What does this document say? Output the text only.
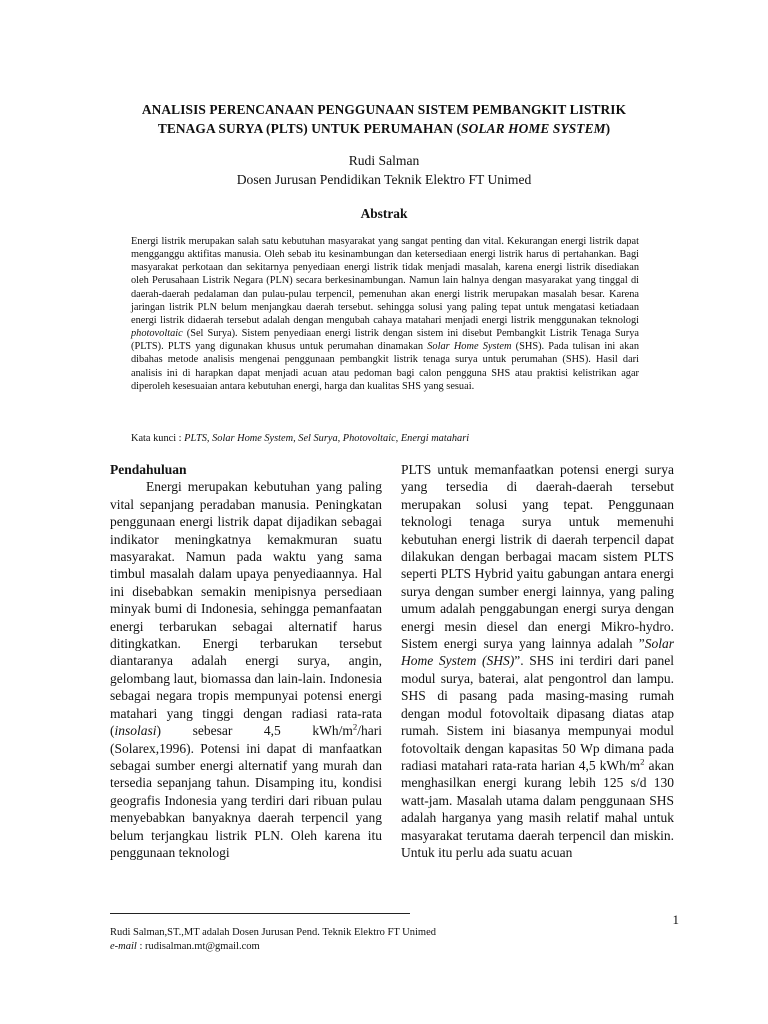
ANALISIS PERENCANAAN PENGGUNAAN SISTEM PEMBANGKIT LISTRIK
TENAGA SURYA (PLTS) UNTUK PERUMAHAN (SOLAR HOME SYSTEM)
Rudi Salman
Dosen Jurusan Pendidikan Teknik Elektro FT Unimed
Abstrak

Energi listrik merupakan salah satu kebutuhan masyarakat yang sangat penting dan vital. Kekurangan energi listrik dapat mengganggu aktifitas manusia. Oleh sebab itu kesinambungan dan ketersediaan energi listrik harus di pertahankan. Bagi masyarakat perkotaan dan sekitarnya penyediaan energi listrik tidak menjadi masalah, karena energi listrik disediakan oleh Perusahaan Listrik Negara (PLN) secara berkesinambungan. Namun lain halnya dengan masyarakat yang tinggal di daerah-daerah pedalaman dan pulau-pulau terpencil, pemenuhan akan energi listrik merupakan masalah besar. Karena jaringan listrik PLN belum menjangkau daerah tersebut. sehingga solusi yang paling tepat untuk mengatasi ketiadaan energi listrik didaerah tersebut adalah dengan mengubah cahaya matahari menjadi energi listrik menggunakan teknologi photovoltaic (Sel Surya). Sistem penyediaan energi listrik dengan sistem ini disebut Pembangkit Listrik Tenaga Surya (PLTS). PLTS yang digunakan khusus untuk perumahan dinamakan Solar Home System (SHS). Pada tulisan ini akan dibahas metode analisis mengenai penggunaan pembangkit listrik tenaga surya untuk perumahan (SHS). Hasil dari analisis ini di harapkan dapat menjadi acuan atau pedoman bagi calon pengguna SHS atau praktisi kelistrikan agar diperoleh kesesuaian antara kebutuhan energi, harga dan kualitas SHS yang sesuai.

Kata kunci : PLTS, Solar Home System, Sel Surya, Photovoltaic, Energi matahari
Pendahuluan

Energi merupakan kebutuhan yang paling vital sepanjang peradaban manusia. Peningkatan penggunaan energi listrik dapat dijadikan sebagai indikator meningkatnya kemakmuran suatu masyarakat. Namun pada waktu yang sama timbul masalah dalam upaya penyediaannya. Hal ini disebabkan semakin menipisnya persediaan minyak bumi di Indonesia, sehingga pemanfaatan energi terbarukan sebagai alternatif harus ditingkatkan. Energi terbarukan tersebut diantaranya adalah energi surya, angin, gelombang laut, biomassa dan lain-lain. Indonesia sebagai negara tropis mempunyai potensi energi matahari yang tinggi dengan radiasi rata-rata (insolasi) sebesar 4,5 kWh/$m^2$/hari (Solarex,1996). Potensi ini dapat di manfaatkan sebagai sumber energi alternatif yang murah dan tersedia sepanjang tahun. Disamping itu, kondisi geografis Indonesia yang terdiri dari ribuan pulau menyebabkan banyaknya daerah terpencil yang belum terjangkau listrik PLN. Oleh karena itu penggunaan teknologi

PLTS untuk memanfaatkan potensi energi surya yang tersedia di daerah-daerah tersebut merupakan solusi yang tepat. Penggunaan teknologi tenaga surya untuk memenuhi kebutuhan energi listrik di daerah terpencil dapat dilakukan dengan berbagai macam sistem PLTS seperti PLTS Hybrid yaitu gabungan antara energi surya dengan sumber energi lainnya, yang paling umum adalah penggabungan energi surya dengan energi mesin diesel dan energi Mikro-hydro. Sistem energi surya yang lainnya adalah ”Solar Home System (SHS)”. SHS ini terdiri dari panel modul surya, baterai, alat pengontrol dan lampu. SHS di pasang pada masing-masing rumah dengan modul fotovoltaik dipasang diatas atap rumah. Sistem ini biasanya mempunyai modul fotovoltaik dengan kapasitas 50 Wp dimana pada radiasi matahari rata-rata harian 4,5 kWh/$m^2$ akan menghasilkan energi kurang lebih 125 s/d 130 watt-jam. Masalah utama dalam penggunaan SHS adalah harganya yang masih relatif mahal untuk masyarakat terutama daerah terpencil dan miskin. Untuk itu perlu ada suatu acuan

1
Rudi Salman,ST.,MT adalah Dosen Jurusan Pend. Teknik Elektro FT Unimed
e-mail : rudisalman.mt@gmail.com
